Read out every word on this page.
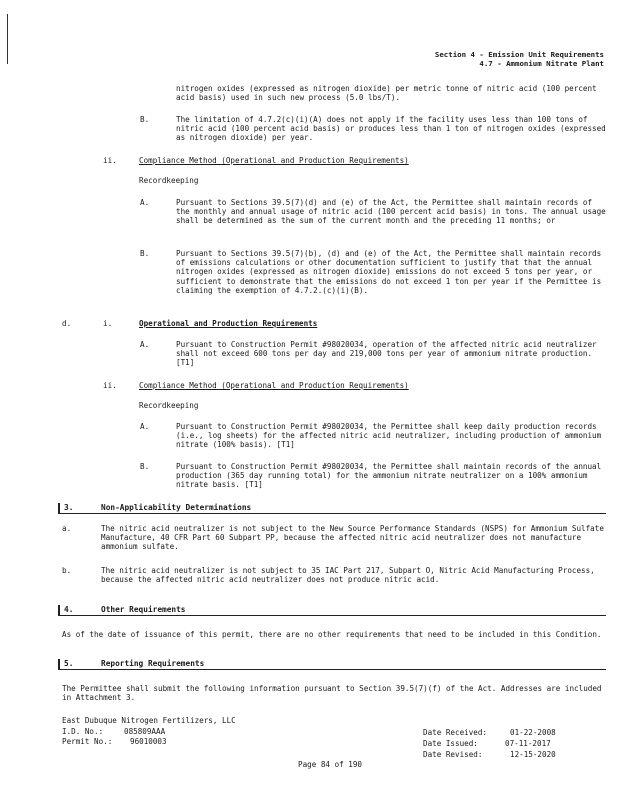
Section 4 - Emission Unit Requirements
4.7 - Ammonium Nitrate Plant
nitrogen oxides (expressed as nitrogen dioxide) per metric tonne of nitric acid (100 percent acid basis) used in such new process (5.0 lbs/T).
B.	The limitation of 4.7.2(c)(i)(A) does not apply if the facility uses less than 100 tons of nitric acid (100 percent acid basis) or produces less than 1 ton of nitrogen oxides (expressed as nitrogen dioxide) per year.
ii.	Compliance Method (Operational and Production Requirements)
Recordkeeping
A.	Pursuant to Sections 39.5(7)(d) and (e) of the Act, the Permittee shall maintain records of the monthly and annual usage of nitric acid (100 percent acid basis) in tons. The annual usage shall be determined as the sum of the current month and the preceding 11 months; or
B.	Pursuant to Sections 39.5(7)(b), (d) and (e) of the Act, the Permittee shall maintain records of emissions calculations or other documentation sufficient to justify that that the annual nitrogen oxides (expressed as nitrogen dioxide) emissions do not exceed 5 tons per year, or sufficient to demonstrate that the emissions do not exceed 1 ton per year if the Permittee is claiming the exemption of 4.7.2.(c)(i)(B).
d.	i.	Operational and Production Requirements
A.	Pursuant to Construction Permit #98020034, operation of the affected nitric acid neutralizer shall not exceed 600 tons per day and 219,000 tons per year of ammonium nitrate production. [T1]
ii.	Compliance Method (Operational and Production Requirements)
Recordkeeping
A.	Pursuant to Construction Permit #98020034, the Permittee shall keep daily production records (i.e., log sheets) for the affected nitric acid neutralizer, including production of ammonium nitrate (100% basis). [T1]
B.	Pursuant to Construction Permit #98020034, the Permittee shall maintain records of the annual production (365 day running total) for the ammonium nitrate neutralizer on a 100% ammonium nitrate basis. [T1]
3.	Non-Applicability Determinations
a.	The nitric acid neutralizer is not subject to the New Source Performance Standards (NSPS) for Ammonium Sulfate Manufacture, 40 CFR Part 60 Subpart PP, because the affected nitric acid neutralizer does not manufacture ammonium sulfate.
b.	The nitric acid neutralizer is not subject to 35 IAC Part 217, Subpart O, Nitric Acid Manufacturing Process, because the affected nitric acid neutralizer does not produce nitric acid.
4.	Other Requirements
As of the date of issuance of this permit, there are no other requirements that need to be included in this Condition.
5.	Reporting Requirements
The Permittee shall submit the following information pursuant to Section 39.5(7)(f) of the Act. Addresses are included in Attachment 3.
East Dubuque Nitrogen Fertilizers, LLC
I.D. No.:	085809AAA
Permit No.: 96010003
Date Received:	01-22-2008
Date Issued:	07-11-2017
Date Revised:	12-15-2020
Page 84 of 190
